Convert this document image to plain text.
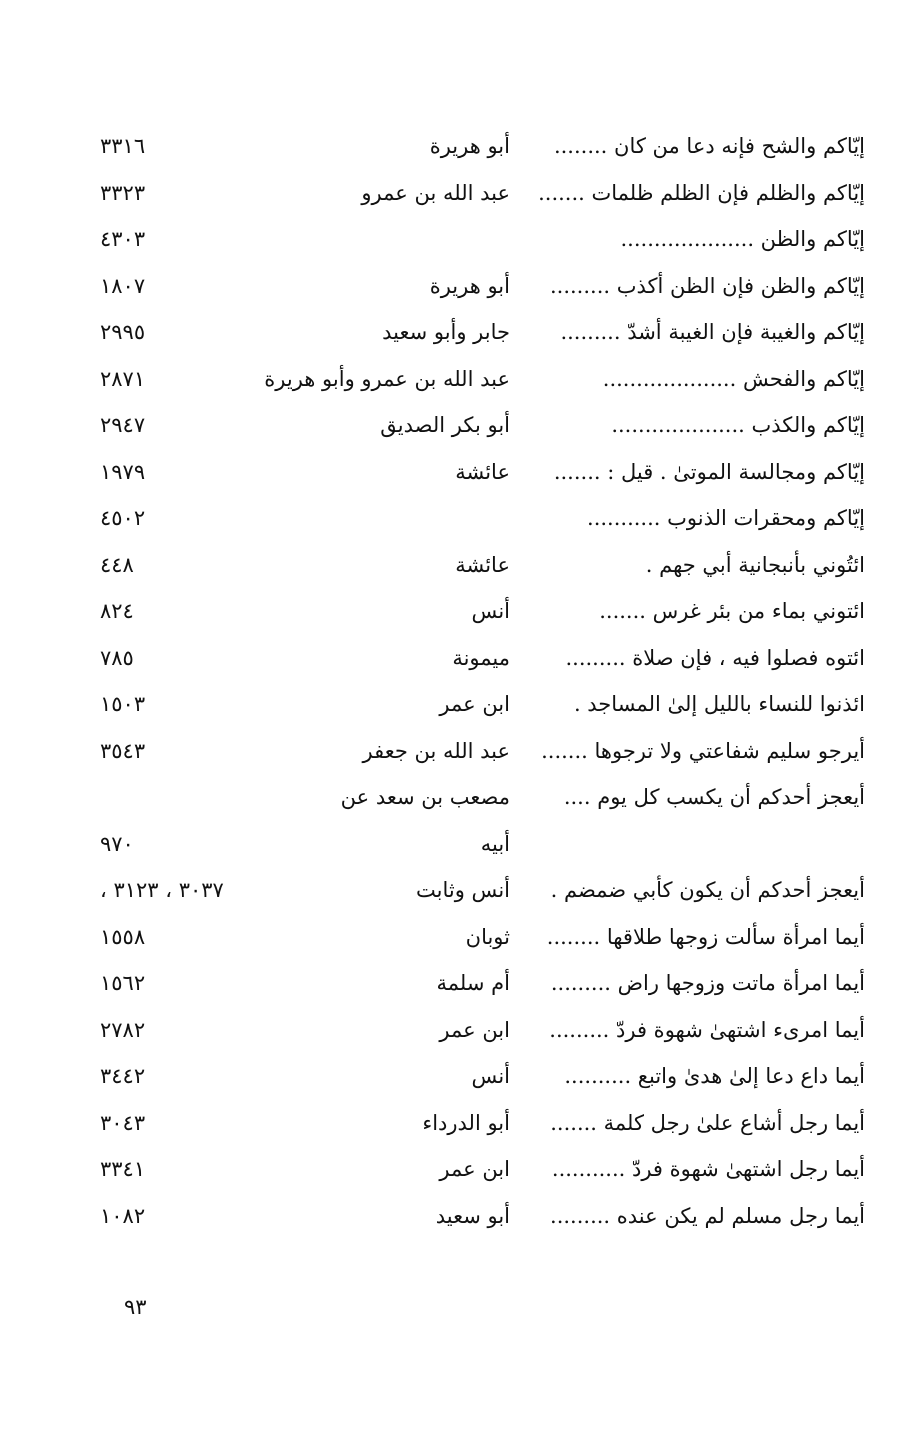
إيّاكم والشح فإنه دعا من كان ........
أبو هريرة
٣٣١٦
إيّاكم والظلم فإن الظلم ظلمات .......
عبد الله بن عمرو
٣٣٢٣
إيّاكم والظن ....................
٤٣٠٣
إيّاكم والظن فإن الظن أكذب .........
أبو هريرة
١٨٠٧
إيّاكم والغيبة فإن الغيبة أشدّ .........
جابر وأبو سعيد
٢٩٩٥
إيّاكم والفحش ....................
عبد الله بن عمرو وأبو هريرة
٢٨٧١
إيّاكم والكذب ....................
أبو بكر الصديق
٢٩٤٧
إيّاكم ومجالسة الموتىٰ . قيل : .......
عائشة
١٩٧٩
إيّاكم ومحقرات الذنوب ...........
٤٥٠٢
ائتُوني بأنبجانية أبي جهم .
عائشة
٤٤٨
ائتوني بماء من بئر غرس .......
أنس
٨٢٤
ائتوه فصلوا فيه ، فإن صلاة .........
ميمونة
٧٨٥
ائذنوا للنساء بالليل إلىٰ المساجد .
ابن عمر
١٥٠٣
أيرجو سليم شفاعتي ولا ترجوها .......
عبد الله بن جعفر
٣٥٤٣
أيعجز أحدكم أن يكسب كل يوم ....
مصعب بن سعد عن
أبيه
٩٧٠
أيعجز أحدكم أن يكون كأبي ضمضم .
أنس وثابت
٣٠٣٧ ، ٣١٢٣ ،
أيما امرأة سألت زوجها طلاقها ........
ثوبان
١٥٥٨
أيما امرأة ماتت وزوجها راض .........
أم سلمة
١٥٦٢
أيما امرىء اشتهىٰ شهوة فردّ .........
ابن عمر
٢٧٨٢
أيما داع دعا إلىٰ هدىٰ واتبع ..........
أنس
٣٤٤٢
أيما رجل أشاع علىٰ رجل كلمة .......
أبو الدرداء
٣٠٤٣
أيما رجل اشتهىٰ شهوة فردّ ...........
ابن عمر
٣٣٤١
أيما رجل مسلم لم يكن عنده .........
أبو سعيد
١٠٨٢
٩٣
